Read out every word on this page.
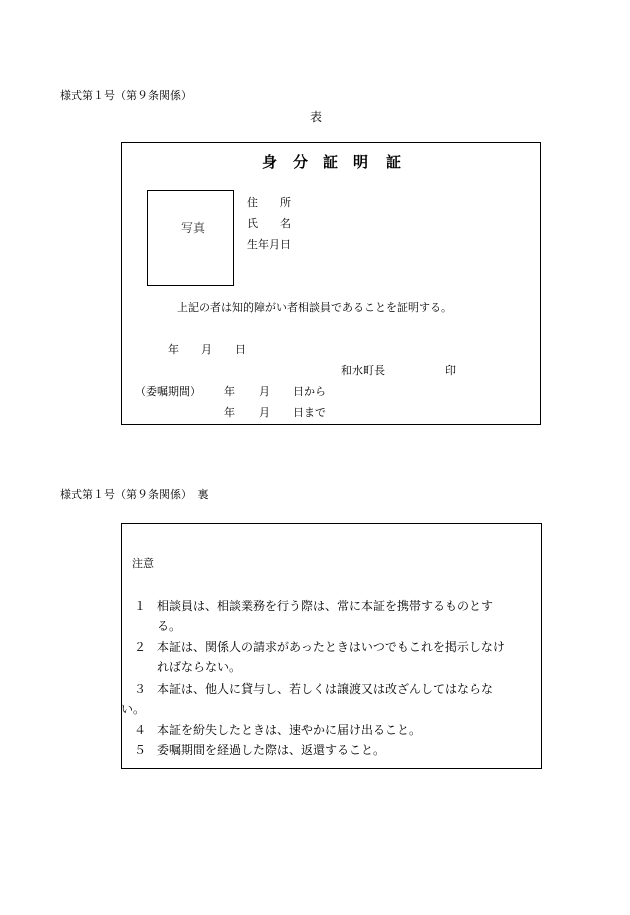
様式第１号（第９条関係）
表
身 分 証 明 証
写真
住　　所
氏　　名
生年月日
上記の者は知的障がい者相談員であることを証明する。
年 月 日
和水町長	印
（委嘱期間） 年 月 日から
年 月 日まで
様式第１号（第９条関係）　裏
注意
１ 相談員は、相談業務を行う際は、常に本証を携帯するものとす
る。
２ 本証は、関係人の請求があったときはいつでもこれを掲示しなけ
ればならない。
３ 本証は、他人に貸与し、若しくは譲渡又は改ざんしてはならな
い。
４ 本証を紛失したときは、速やかに届け出ること。
５ 委嘱期間を経過した際は、返還すること。
